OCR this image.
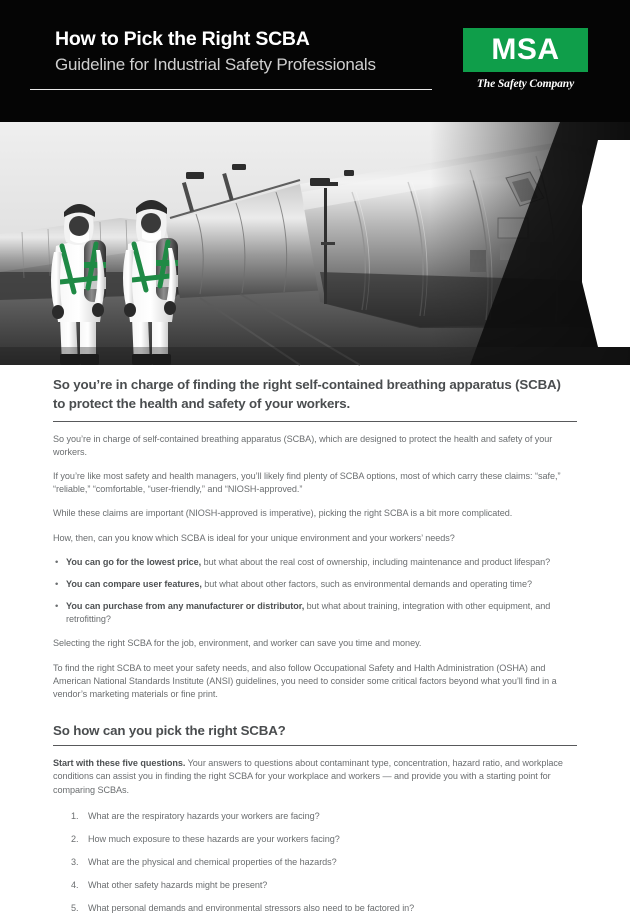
How to Pick the Right SCBA
Guideline for Industrial Safety Professionals	MSA
The Safety Company
So you’re in charge of finding the right self-contained breathing apparatus (SCBA)
to protect the health and safety of your workers.

So you’re in charge of self-contained breathing apparatus (SCBA), which are designed to protect the health and safety of your workers.

If you’re like most safety and health managers, you’ll likely find plenty of SCBA options, most of which carry these claims: “safe,” “reliable,” “comfortable, “user-friendly,” and “NIOSH-approved.”

While these claims are important (NIOSH-approved is imperative), picking the right SCBA is a bit more complicated.

How, then, can you know which SCBA is ideal for your unique environment and your workers’ needs?

• You can go for the lowest price, but what about the real cost of ownership, including maintenance and product lifespan?
• You can compare user features, but what about other factors, such as environmental demands and operating time?
• You can purchase from any manufacturer or distributor, but what about training, integration with other equipment, and retrofitting?

Selecting the right SCBA for the job, environment, and worker can save you time and money.

To find the right SCBA to meet your safety needs, and also follow Occupational Safety and Halth Administration (OSHA) and American National Standards Institute (ANSI) guidelines, you need to consider some critical factors beyond what you’ll find in a vendor’s marketing materials or fine print.

So how can you pick the right SCBA?

Start with these five questions. Your answers to questions about contaminant type, concentration, hazard ratio, and workplace conditions can assist you in finding the right SCBA for your workplace and workers — and provide you with a starting point for comparing SCBAs.

What are the respiratory hazards your workers are facing?
How much exposure to these hazards are your workers facing?
What are the physical and chemical properties of the hazards?
What other safety hazards might be present?
What personal demands and environmental stressors also need to be factored in?
